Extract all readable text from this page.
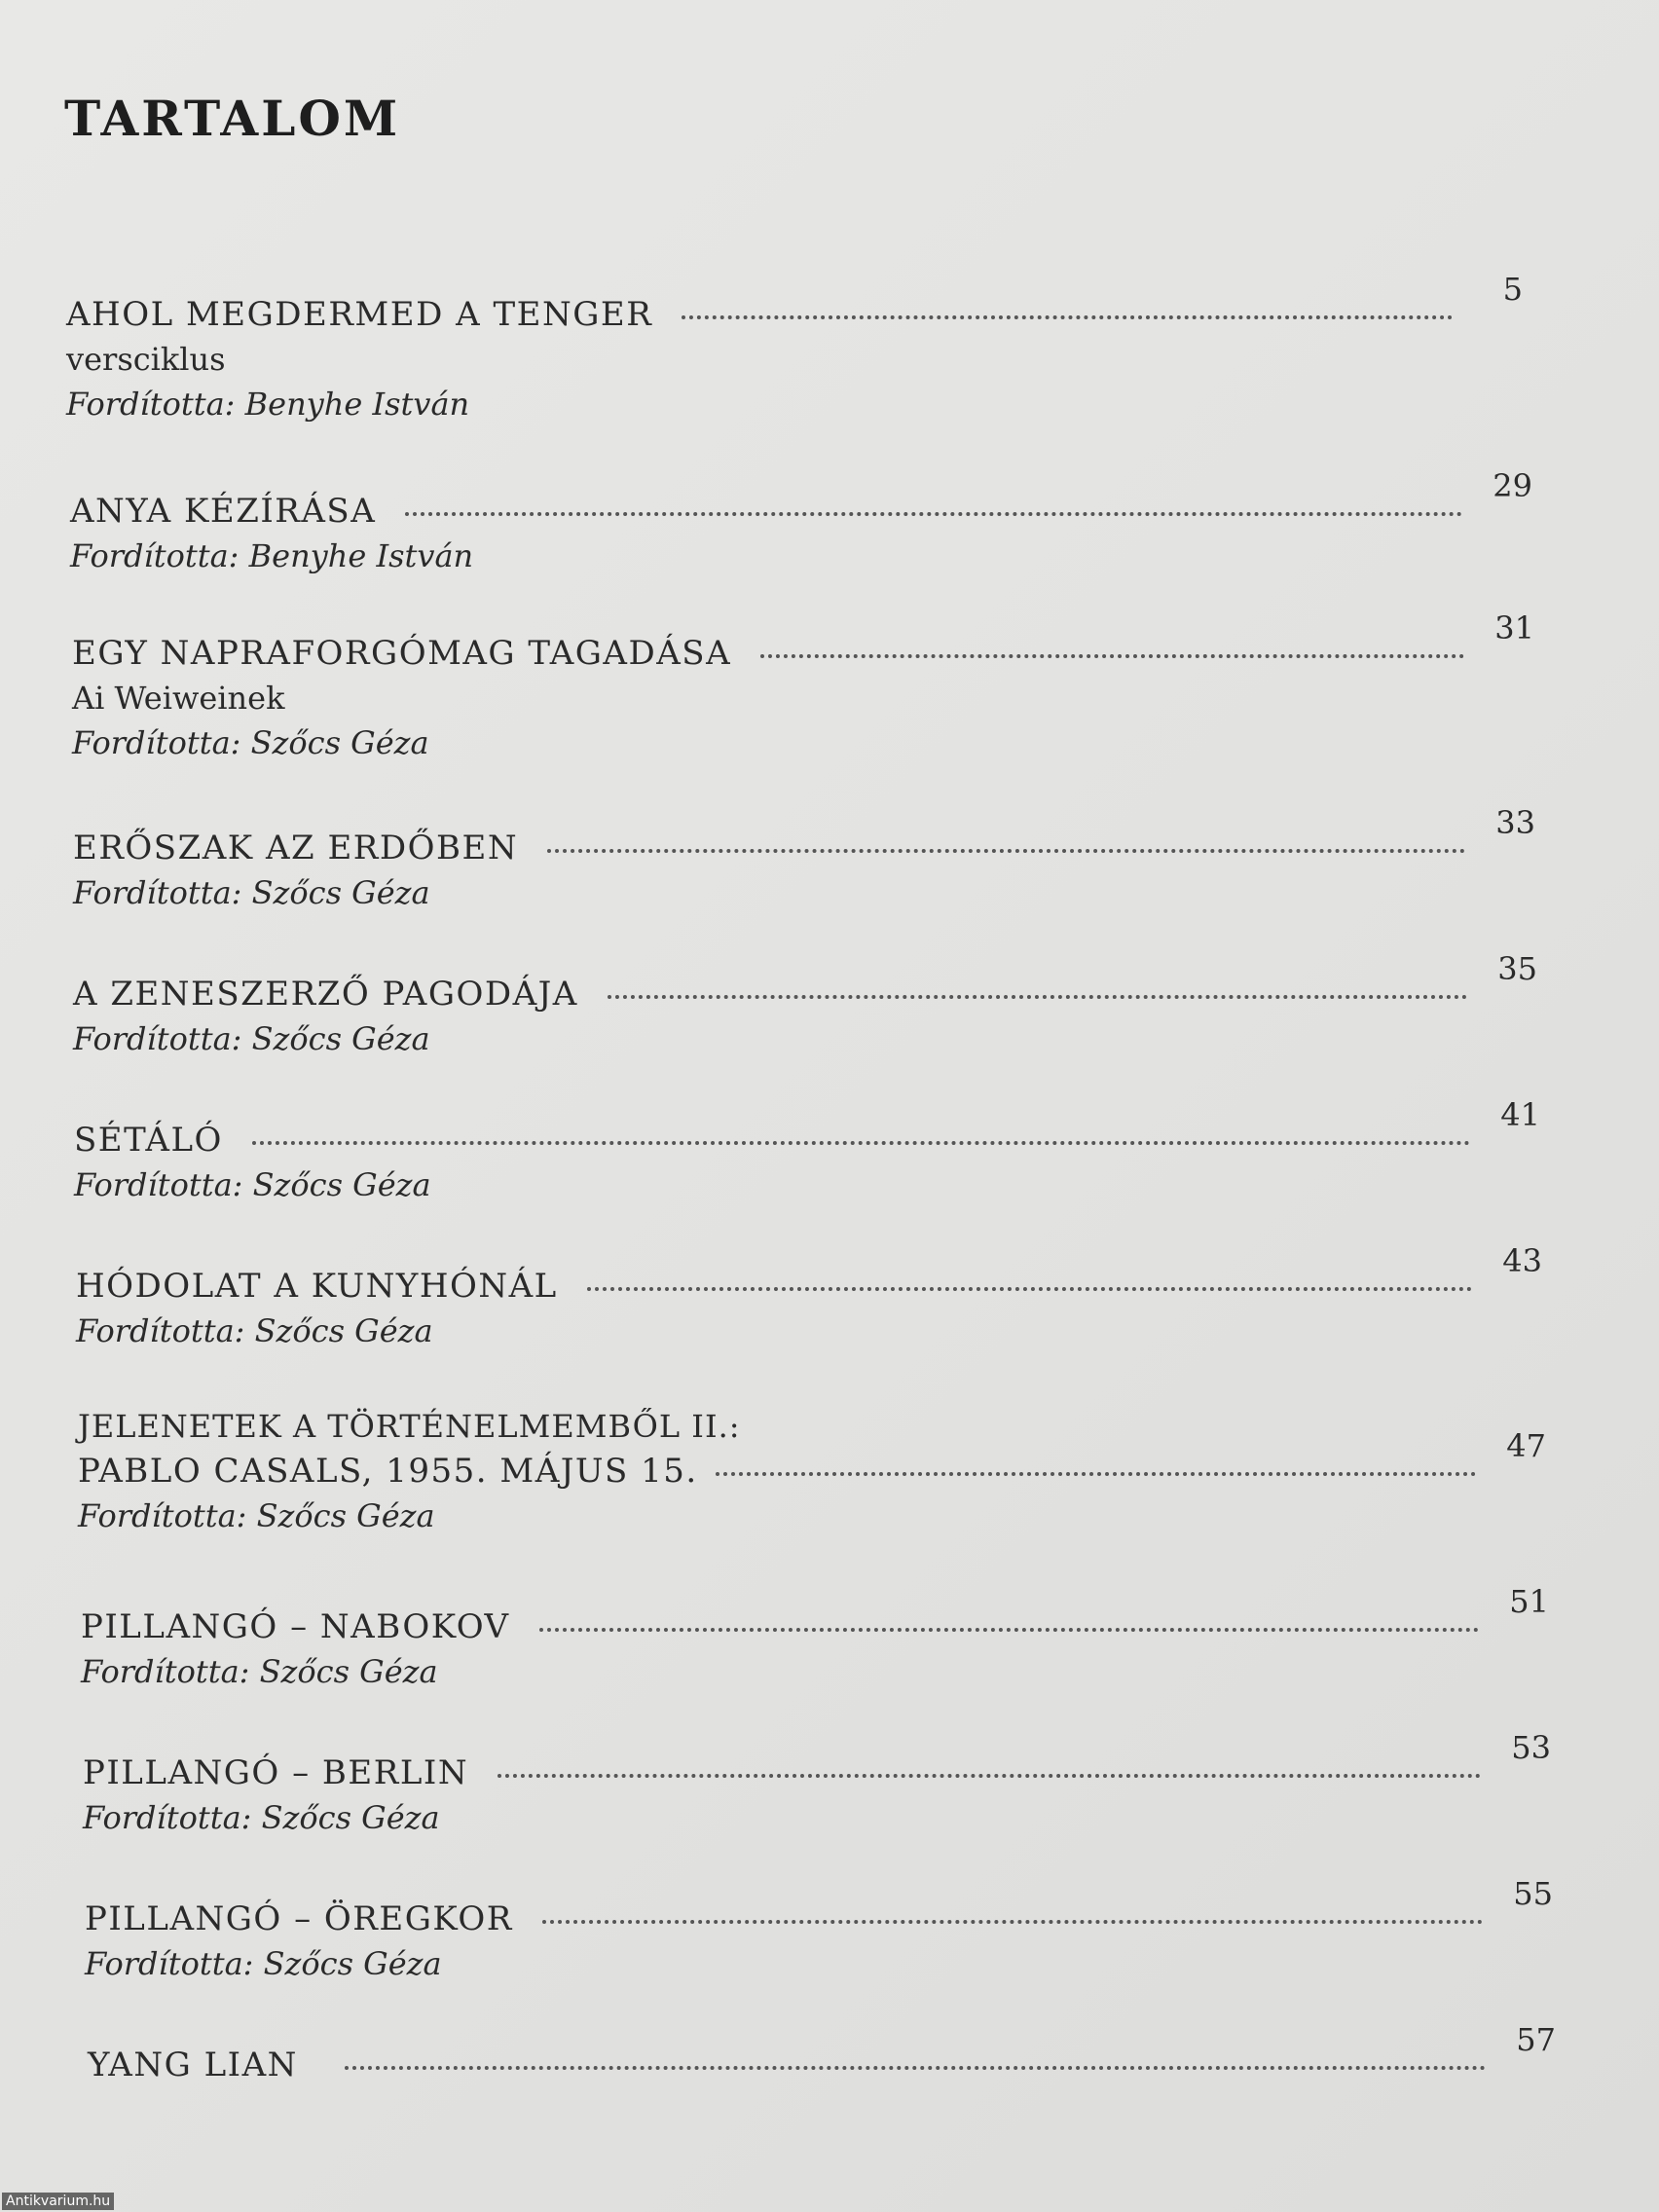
TARTALOM
AHOL MEGDERMED A TENGER
5
versciklus
Fordította: Benyhe István
ANYA KÉZÍRÁSA
29
Fordította: Benyhe István
EGY NAPRAFORGÓMAG TAGADÁSA
31
Ai Weiweinek
Fordította: Szőcs Géza
ERŐSZAK AZ ERDŐBEN
33
Fordította: Szőcs Géza
A ZENESZERZŐ PAGODÁJA
35
Fordította: Szőcs Géza
SÉTÁLÓ
41
Fordította: Szőcs Géza
HÓDOLAT A KUNYHÓNÁL
43
Fordította: Szőcs Géza
JELENETEK A TÖRTÉNELMEMBŐL II.:
PABLO CASALS, 1955. MÁJUS 15.
47
Fordította: Szőcs Géza
PILLANGÓ – NABOKOV
51
Fordította: Szőcs Géza
PILLANGÓ – BERLIN
53
Fordította: Szőcs Géza
PILLANGÓ – ÖREGKOR
55
Fordította: Szőcs Géza
YANG LIAN
57
Antikvarium.hu
